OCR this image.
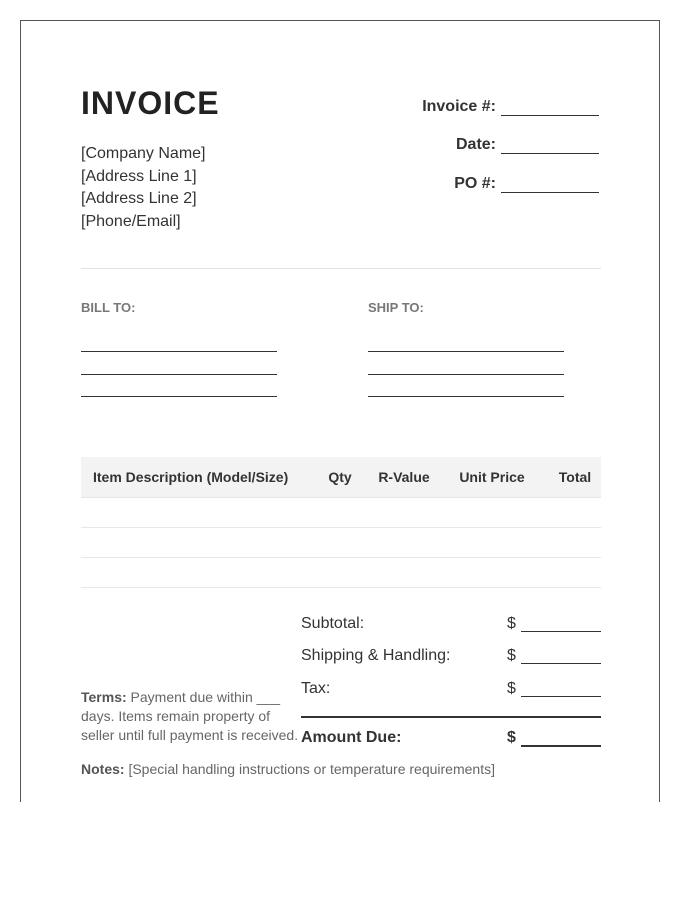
INVOICE
[Company Name]
[Address Line 1]
[Address Line 2]
[Phone/Email]
Invoice #:
Date:
PO #:
BILL TO:	SHIP TO:
Item Description (Model/Size)	Qty	R-Value	Unit Price	Total

Subtotal:	$
Shipping & Handling:	$
Tax:	$
Amount Due:	$
Terms: Payment due within ___ days. Items remain property of seller until full payment is received.
Notes: [Special handling instructions or temperature requirements]
